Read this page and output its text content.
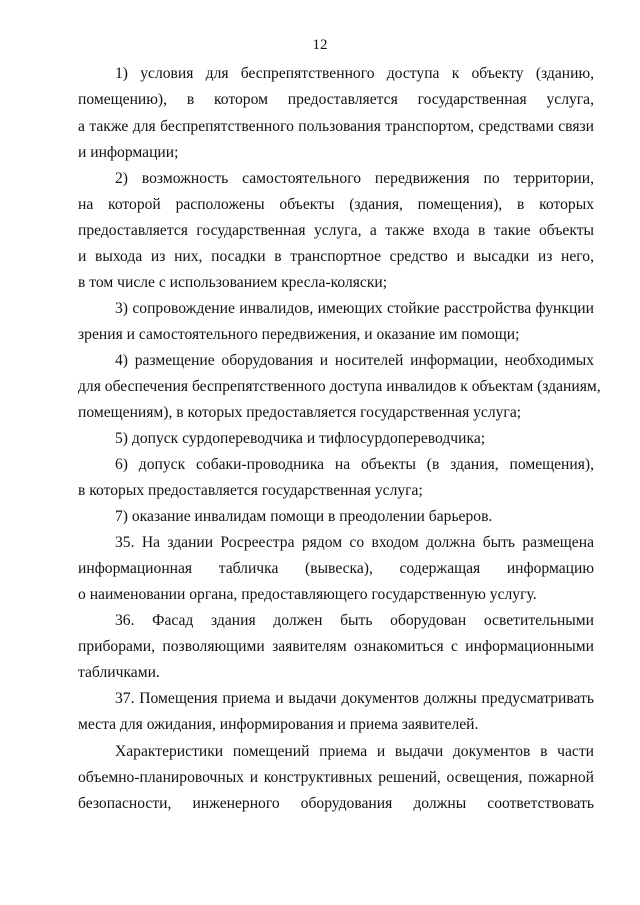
12
1) условия для беспрепятственного доступа к объекту (зданию,
помещению), в котором предоставляется государственная услуга,
а также для беспрепятственного пользования транспортом, средствами связи
и информации;
2) возможность самостоятельного передвижения по территории,
на которой расположены объекты (здания, помещения), в которых
предоставляется государственная услуга, а также входа в такие объекты
и выхода из них, посадки в транспортное средство и высадки из него,
в том числе с использованием кресла-коляски;
3) сопровождение инвалидов, имеющих стойкие расстройства функции
зрения и самостоятельного передвижения, и оказание им помощи;
4) размещение оборудования и носителей информации, необходимых
для обеспечения беспрепятственного доступа инвалидов к объектам (зданиям,
помещениям), в которых предоставляется государственная услуга;
5) допуск сурдопереводчика и тифлосурдопереводчика;
6) допуск собаки-проводника на объекты (в здания, помещения),
в которых предоставляется государственная услуга;
7) оказание инвалидам помощи в преодолении барьеров.
35. На здании Росреестра рядом со входом должна быть размещена
информационная табличка (вывеска), содержащая информацию
о наименовании органа, предоставляющего государственную услугу.
36. Фасад здания должен быть оборудован осветительными
приборами, позволяющими заявителям ознакомиться с информационными
табличками.
37. Помещения приема и выдачи документов должны предусматривать
места для ожидания, информирования и приема заявителей.
Характеристики помещений приема и выдачи документов в части
объемно-планировочных и конструктивных решений, освещения, пожарной
безопасности, инженерного оборудования должны соответствовать
